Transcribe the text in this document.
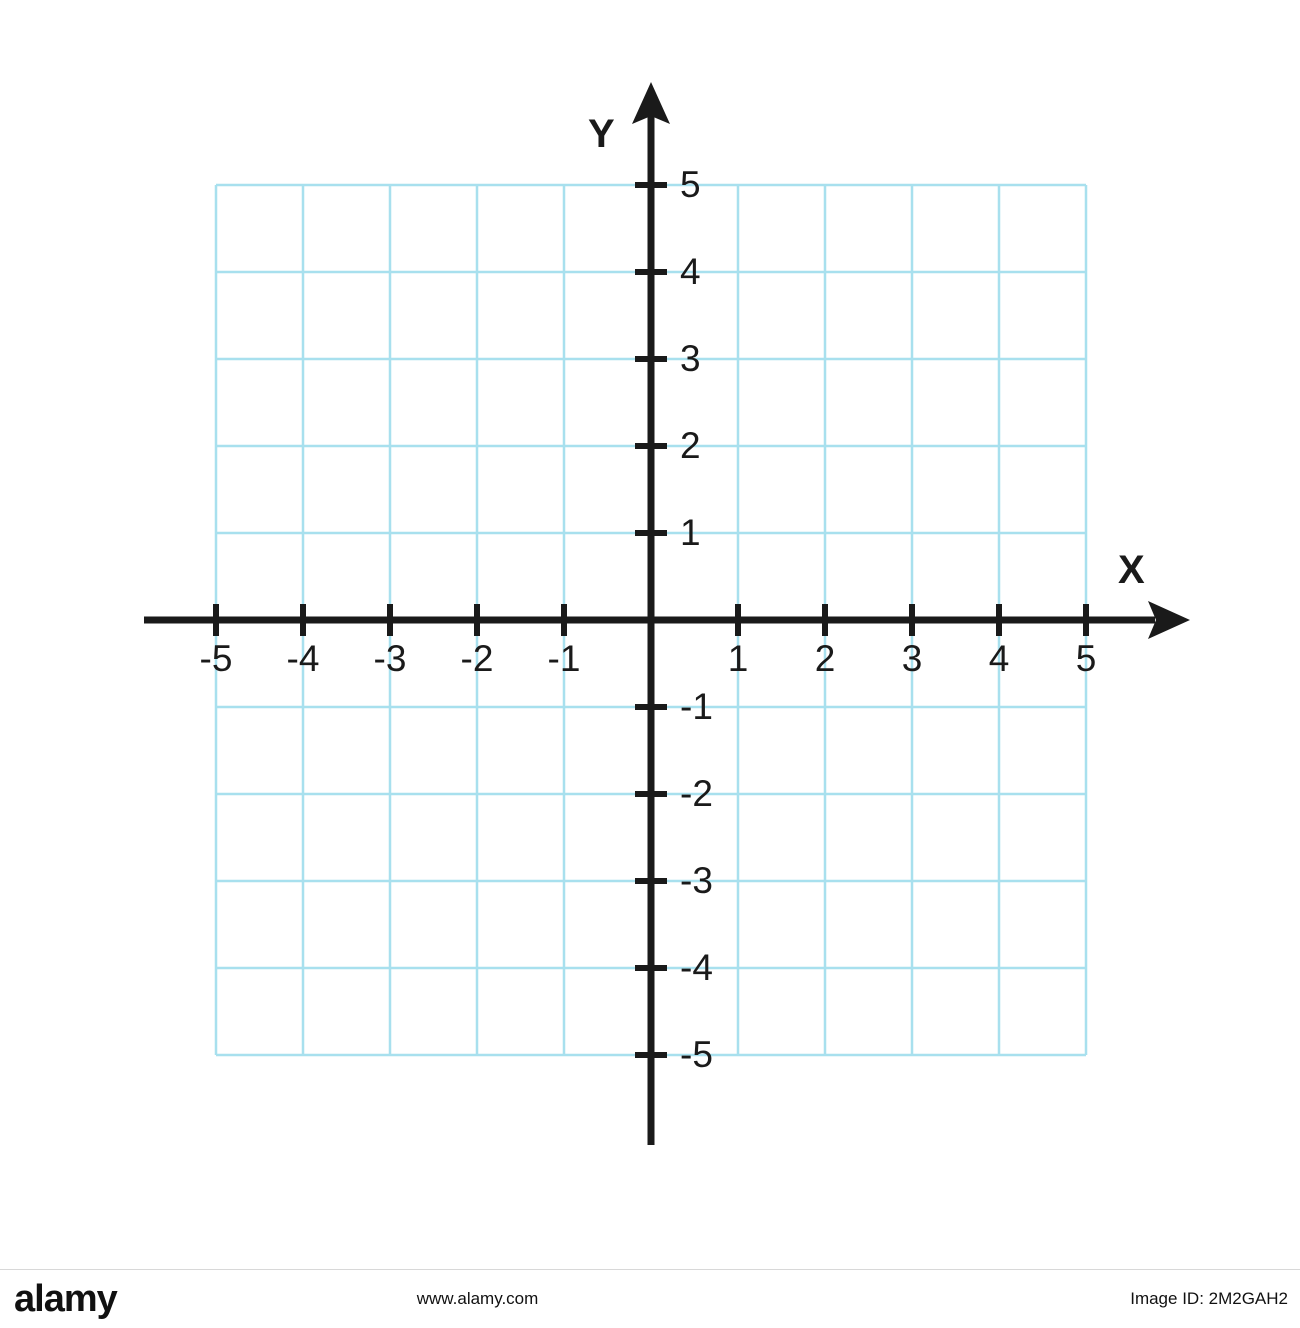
Y
X
-5 -4 -3 -2 -1	1 2 3 4 5
5
4
3
2
1
-1
-2
-3
-4
-5
alamy	www.alamy.com	Image ID: 2M2GAH2
